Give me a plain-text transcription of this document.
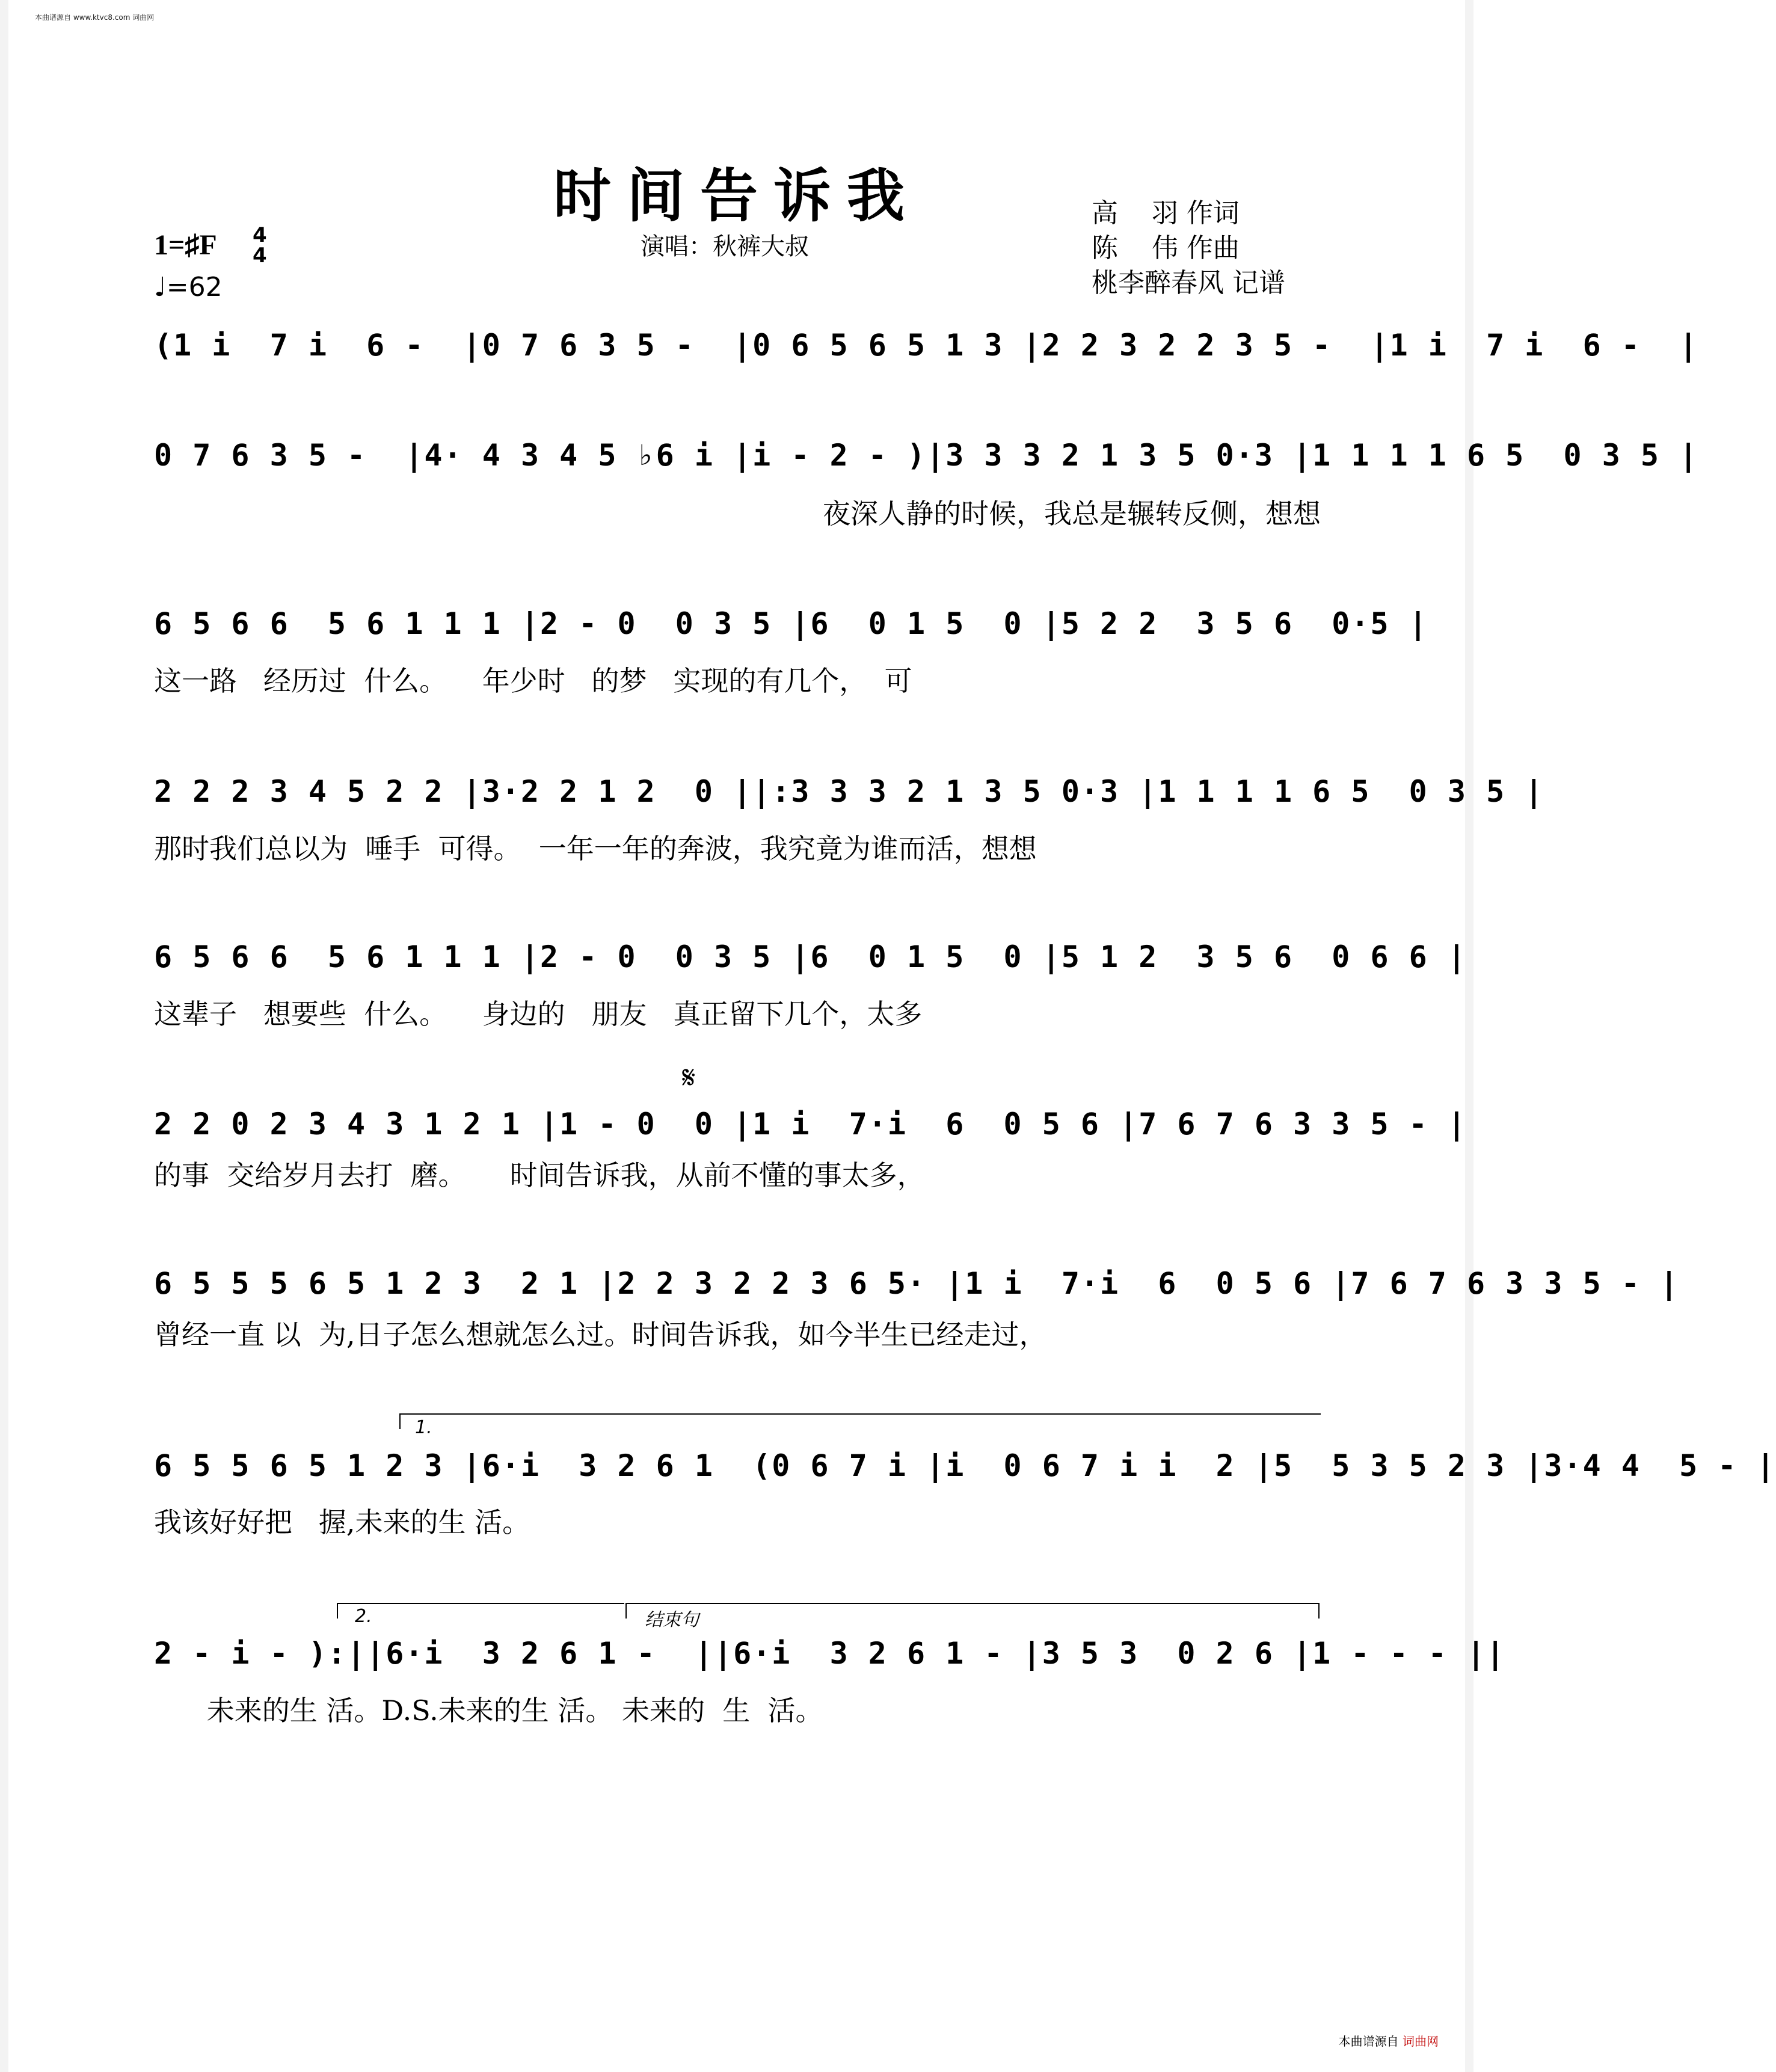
本曲谱源自 www.ktvc8.com 词曲网
时间告诉我
演唱：秋裤大叔
高    羽 作词
陈    伟 作曲
桃李醉春风 记谱
1=♯F 4
4
♩=62
(1 i  7 i  6 -  |0 7 6 3 5 -  |0 6 5 6 5 1 3 |2 2 3 2 2 3 5 -  |1 i  7 i  6 -  |
0 7 6 3 5 -  |4· 4 3 4 5 ♭6 i |i - 2 - )|3 3 3 2 1 3 5 0·3 |1 1 1 1 6 5  0 3 5 |
夜深人静的时候，我总是辗转反侧，想想
6 5 6 6  5 6 1 1 1 |2 - 0  0 3 5 |6  0 1 5  0 |5 2 2  3 5 6  0·5 |
这一路   经历过  什么。    年少时   的梦   实现的有几个，  可
2 2 2 3 4 5 2 2 |3·2 2 1 2  0 ||:3 3 3 2 1 3 5 0·3 |1 1 1 1 6 5  0 3 5 |
那时我们总以为  唾手  可得。  一年一年的奔波，我究竟为谁而活，想想
6 5 6 6  5 6 1 1 1 |2 - 0  0 3 5 |6  0 1 5  0 |5 1 2  3 5 6  0 6 6 |
这辈子   想要些  什么。    身边的   朋友   真正留下几个，太多
𝄋
2 2 0 2 3 4 3 1 2 1 |1 - 0  0 |1 i  7·i  6  0 5 6 |7 6 7 6 3 3 5 - |
的事  交给岁月去打  磨。     时间告诉我，从前不懂的事太多，
6 5 5 5 6 5 1 2 3  2 1 |2 2 3 2 2 3 6 5· |1 i  7·i  6  0 5 6 |7 6 7 6 3 3 5 - |
曾经一直 以  为,日子怎么想就怎么过。时间告诉我，如今半生已经走过，
1.
6 5 5 6 5 1 2 3 |6·i  3 2 6 1  (0 6 7 i |i  0 6 7 i i  2 |5  5 3 5 2 3 |3·4 4  5 - |
我该好好把   握,未来的生 活。
2.	结束句
2 - i - ):||6·i  3 2 6 1 -  ||6·i  3 2 6 1 - |3 5 3  0 2 6 |1 - - - ||
未来的生 活。D.S.未来的生 活。 未来的  生  活。
本曲谱源自 词曲网
